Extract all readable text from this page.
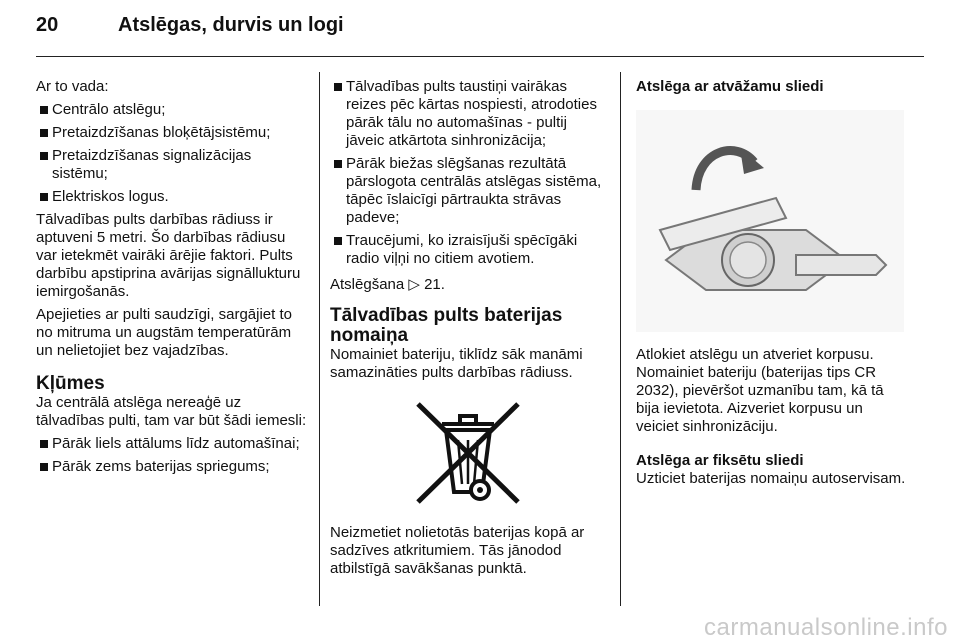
20	Atslēgas, durvis un logi

Ar to vada:

Centrālo atslēgu;

Pretaizdzīšanas bloķētājsistēmu;

Pretaizdzīšanas signalizācijas sistēmu;

Elektriskos logus.

Tālvadības pults darbības rādiuss ir aptuveni 5 metri. Šo darbības rādiusu var ietekmēt vairāki ārējie faktori. Pults darbību apstiprina avārijas signāllukturu iemirgošanās.

Apejieties ar pulti saudzīgi, sargājiet to no mitruma un augstām temperatūrām un nelietojiet bez vajadzības.

Kļūmes

Ja centrālā atslēga nereaģē uz tālvadības pulti, tam var būt šādi iemesli:

Pārāk liels attālums līdz automašīnai;

Pārāk zems baterijas spriegums;

Tālvadības pults taustiņi vairākas reizes pēc kārtas nospiesti, atrodoties pārāk tālu no automašīnas - pultij jāveic atkārtota sinhronizācija;

Pārāk biežas slēgšanas rezultātā pārslogota centrālās atslēgas sistēma, tāpēc īslaicīgi pārtraukta strāvas padeve;

Traucējumi, ko izraisījuši spēcīgāki radio viļņi no citiem avotiem.

Atslēgšana ▷ 21.

Tālvadības pults baterijas nomaiņa

Nomainiet bateriju, tiklīdz sāk manāmi samazināties pults darbības rādiuss.

Neizmetiet nolietotās baterijas kopā ar sadzīves atkritumiem. Tās jānodod atbilstīgā savākšanas punktā.

Atslēga ar atvāžamu sliedi

Atlokiet atslēgu un atveriet korpusu. Nomainiet bateriju (baterijas tips CR 2032), pievēršot uzmanību tam, kā tā bija ievietota. Aizveriet korpusu un veiciet sinhronizāciju.

Atslēga ar fiksētu sliedi

Uzticiet baterijas nomaiņu autoservisam.

carmanualsonline.info
